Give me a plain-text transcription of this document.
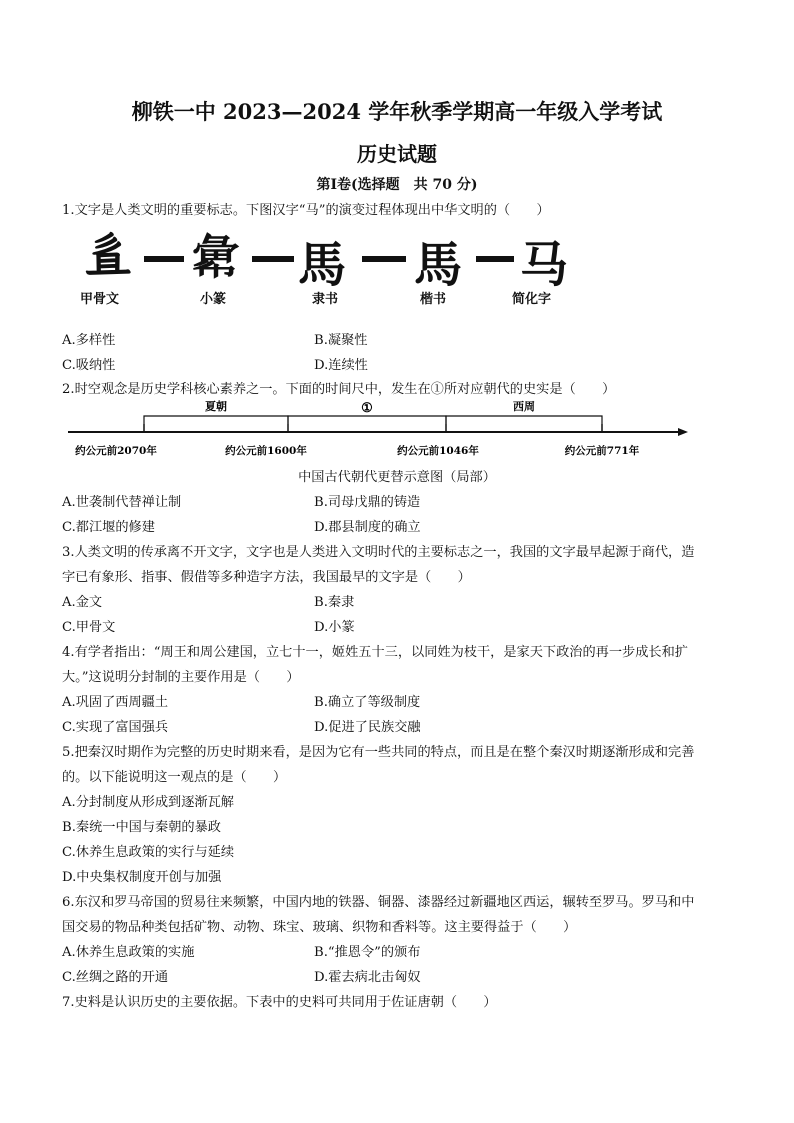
柳铁一中 2023—2024 学年秋季学期高一年级入学考试
历史试题
第Ⅰ卷(选择题　共 70 分)
1.文字是人类文明的重要标志。下图汉字“马”的演变过程体现出中华文明的（　　）
𢒉 𢑭 馬 馬 马
甲骨文	小篆	隶书	楷书	简化字
A.多样性	B.凝聚性
C.吸纳性	D.连续性
2.时空观念是历史学科核心素养之一。下面的时间尺中，发生在①所对应朝代的史实是（　　）
夏朝	①	西周
约公元前2070年	约公元前1600年	约公元前1046年	约公元前771年
中国古代朝代更替示意图（局部）
A.世袭制代替禅让制	B.司母戊鼎的铸造
C.都江堰的修建	D.郡县制度的确立
3.人类文明的传承离不开文字，文字也是人类进入文明时代的主要标志之一，我国的文字最早起源于商代，造
字已有象形、指事、假借等多种造字方法，我国最早的文字是（　　）
A.金文	B.秦隶
C.甲骨文	D.小篆
4.有学者指出：“周王和周公建国，立七十一，姬姓五十三，以同姓为枝干，是家天下政治的再一步成长和扩
大。”这说明分封制的主要作用是（　　）
A.巩固了西周疆土	B.确立了等级制度
C.实现了富国强兵	D.促进了民族交融
5.把秦汉时期作为完整的历史时期来看，是因为它有一些共同的特点，而且是在整个秦汉时期逐渐形成和完善
的。以下能说明这一观点的是（　　）
A.分封制度从形成到逐渐瓦解
B.秦统一中国与秦朝的暴政
C.休养生息政策的实行与延续
D.中央集权制度开创与加强
6.东汉和罗马帝国的贸易往来频繁，中国内地的铁器、铜器、漆器经过新疆地区西运，辗转至罗马。罗马和中
国交易的物品种类包括矿物、动物、珠宝、玻璃、织物和香料等。这主要得益于（　　）
A.休养生息政策的实施	B.“推恩令”的颁布
C.丝绸之路的开通	D.霍去病北击匈奴
7.史料是认识历史的主要依据。下表中的史料可共同用于佐证唐朝（　　）
